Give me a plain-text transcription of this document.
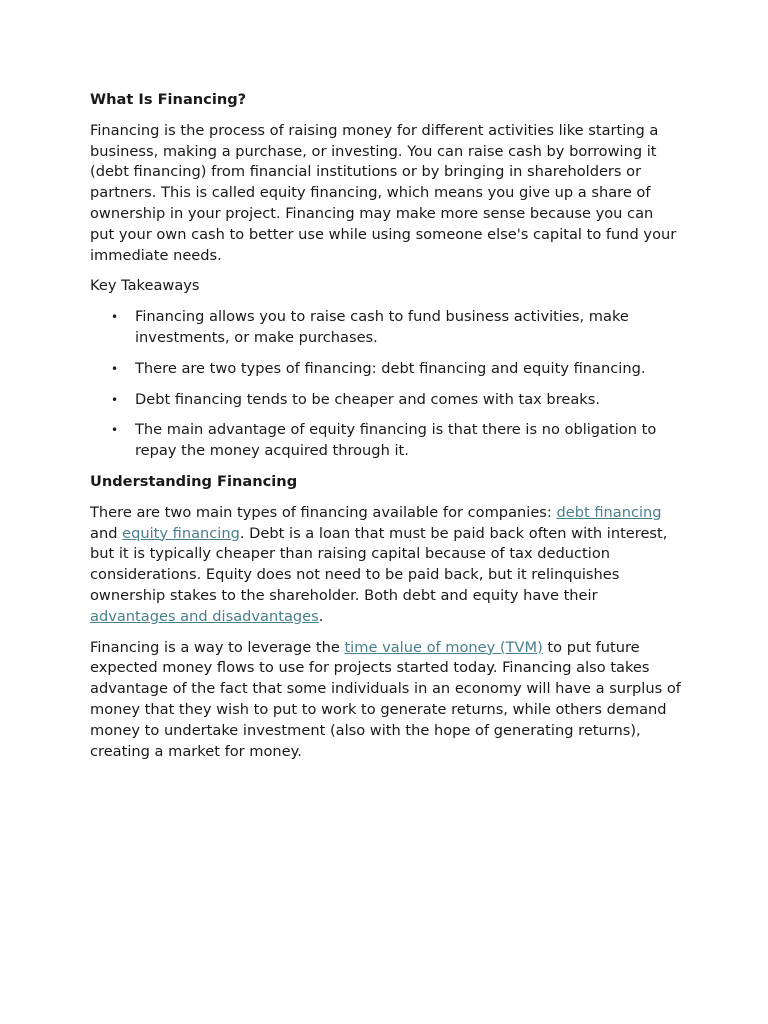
What Is Financing?

Financing is the process of raising money for different activities like starting a business, making a purchase, or investing. You can raise cash by borrowing it (debt financing) from financial institutions or by bringing in shareholders or partners. This is called equity financing, which means you give up a share of ownership in your project. Financing may make more sense because you can put your own cash to better use while using someone else's capital to fund your immediate needs.

Key Takeaways

• Financing allows you to raise cash to fund business activities, make investments, or make purchases.
• There are two types of financing: debt financing and equity financing.
• Debt financing tends to be cheaper and comes with tax breaks.
• The main advantage of equity financing is that there is no obligation to repay the money acquired through it.
Understanding Financing

There are two main types of financing available for companies: debt financing and equity financing. Debt is a loan that must be paid back often with interest, but it is typically cheaper than raising capital because of tax deduction considerations. Equity does not need to be paid back, but it relinquishes ownership stakes to the shareholder. Both debt and equity have their advantages and disadvantages.

Financing is a way to leverage the time value of money (TVM) to put future expected money flows to use for projects started today. Financing also takes advantage of the fact that some individuals in an economy will have a surplus of money that they wish to put to work to generate returns, while others demand money to undertake investment (also with the hope of generating returns), creating a market for money.
